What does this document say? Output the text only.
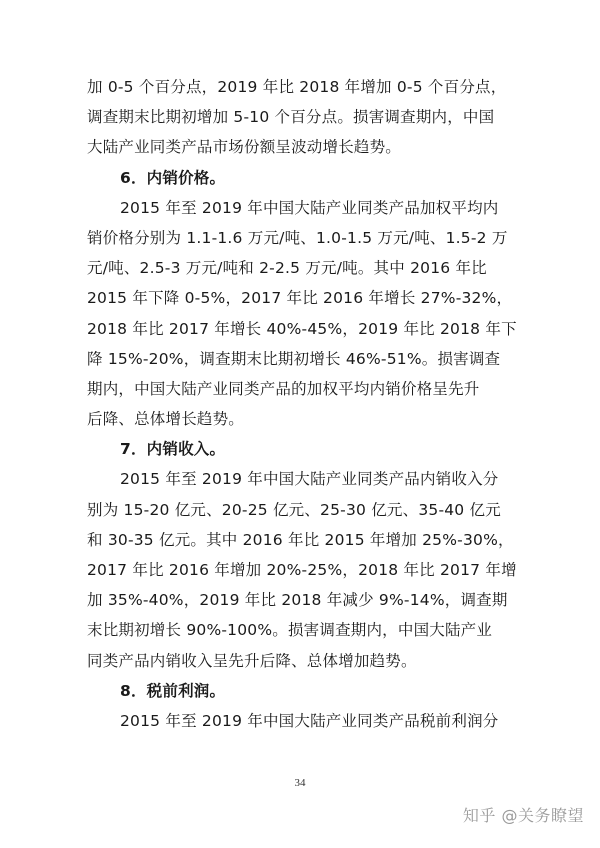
加 0-5 个百分点，2019 年比 2018 年增加 0-5 个百分点，
调查期末比期初增加 5-10 个百分点。损害调查期内，中国
大陆产业同类产品市场份额呈波动增长趋势。
6．内销价格。
2015 年至 2019 年中国大陆产业同类产品加权平均内
销价格分别为 1.1-1.6 万元/吨、1.0-1.5 万元/吨、1.5-2 万
元/吨、2.5-3 万元/吨和 2-2.5 万元/吨。其中 2016 年比
2015 年下降 0-5%，2017 年比 2016 年增长 27%-32%，
2018 年比 2017 年增长 40%-45%，2019 年比 2018 年下
降 15%-20%，调查期末比期初增长 46%-51%。损害调查
期内，中国大陆产业同类产品的加权平均内销价格呈先升
后降、总体增长趋势。
7．内销收入。
2015 年至 2019 年中国大陆产业同类产品内销收入分
别为 15-20 亿元、20-25 亿元、25-30 亿元、35-40 亿元
和 30-35 亿元。其中 2016 年比 2015 年增加 25%-30%，
2017 年比 2016 年增加 20%-25%，2018 年比 2017 年增
加 35%-40%，2019 年比 2018 年减少 9%-14%，调查期
末比期初增长 90%-100%。损害调查期内，中国大陆产业
同类产品内销收入呈先升后降、总体增加趋势。
8．税前利润。
2015 年至 2019 年中国大陆产业同类产品税前利润分
34
知乎 @关务瞭望
